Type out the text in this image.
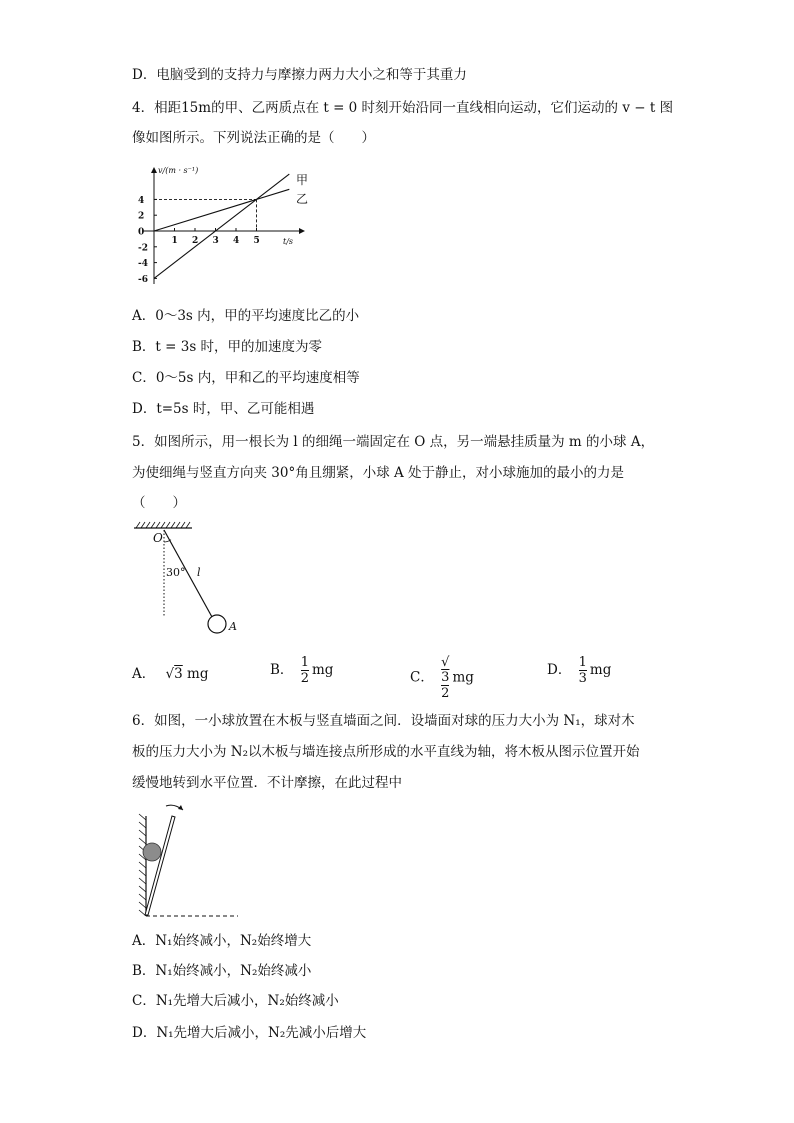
D．电脑受到的支持力与摩擦力两力大小之和等于其重力
4．相距15m的甲、乙两质点在 t = 0 时刻开始沿同一直线相向运动，它们运动的 v − t 图
像如图所示。下列说法正确的是（　　）
v/(m · s⁻¹)
t/s
1 2 3 4 5
4
2
0
-2
-4
-6
甲
乙
A．0～3s 内，甲的平均速度比乙的小
B．t = 3s 时，甲的加速度为零
C．0～5s 内，甲和乙的平均速度相等
D．t=5s 时，甲、乙可能相遇
5．如图所示，用一根长为 l 的细绳一端固定在 O 点，另一端悬挂质量为 m 的小球 A，
为使细绳与竖直方向夹 30°角且绷紧，小球 A 处于静止，对小球施加的最小的力是
（　　）
O
30° l
A
A． √3 mg	B． $\frac{1}{2}$ mg	C． √
3
2 mg	D． $\frac{1}{3}$ mg
6．如图，一小球放置在木板与竖直墙面之间．设墙面对球的压力大小为 N₁，球对木
板的压力大小为 N₂以木板与墙连接点所形成的水平直线为轴，将木板从图示位置开始
缓慢地转到水平位置．不计摩擦，在此过程中
A．N₁始终减小，N₂始终增大
B．N₁始终减小，N₂始终减小
C．N₁先增大后减小，N₂始终减小
D．N₁先增大后减小，N₂先减小后增大
